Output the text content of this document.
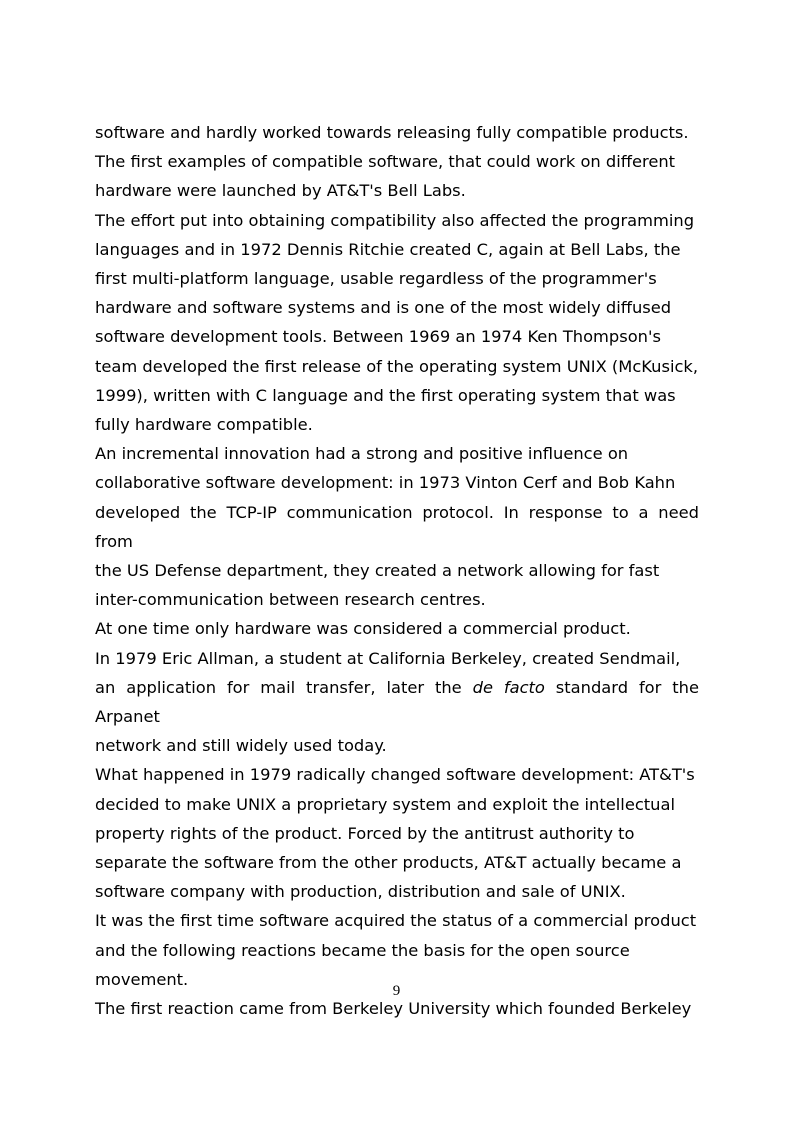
software and hardly worked towards releasing fully compatible products.
The first examples of compatible software, that could work on different
hardware were launched by AT&T's Bell Labs.

The effort put into obtaining compatibility also affected the programming
languages and in 1972 Dennis Ritchie created C, again at Bell Labs, the
first multi-platform language, usable regardless of the programmer's
hardware and software systems and is one of the most widely diffused
software development tools. Between 1969 an 1974 Ken Thompson's
team developed the first release of the operating system UNIX (McKusick,
1999), written with C language and the first operating system that was
fully hardware compatible.

An incremental innovation had a strong and positive influence on
collaborative software development: in 1973 Vinton Cerf and Bob Kahn
developed the TCP-IP communication protocol. In response to a need from
the US Defense department, they created a network allowing for fast
inter-communication between research centres.

At one time only hardware was considered a commercial product.

In 1979 Eric Allman, a student at California Berkeley, created Sendmail,
an application for mail transfer, later the de facto standard for the Arpanet
network and still widely used today.

What happened in 1979 radically changed software development: AT&T's
decided to make UNIX a proprietary system and exploit the intellectual
property rights of the product. Forced by the antitrust authority to
separate the software from the other products, AT&T actually became a
software company with production, distribution and sale of UNIX.

It was the first time software acquired the status of a commercial product
and the following reactions became the basis for the open source
movement.

The first reaction came from Berkeley University which founded Berkeley

9
